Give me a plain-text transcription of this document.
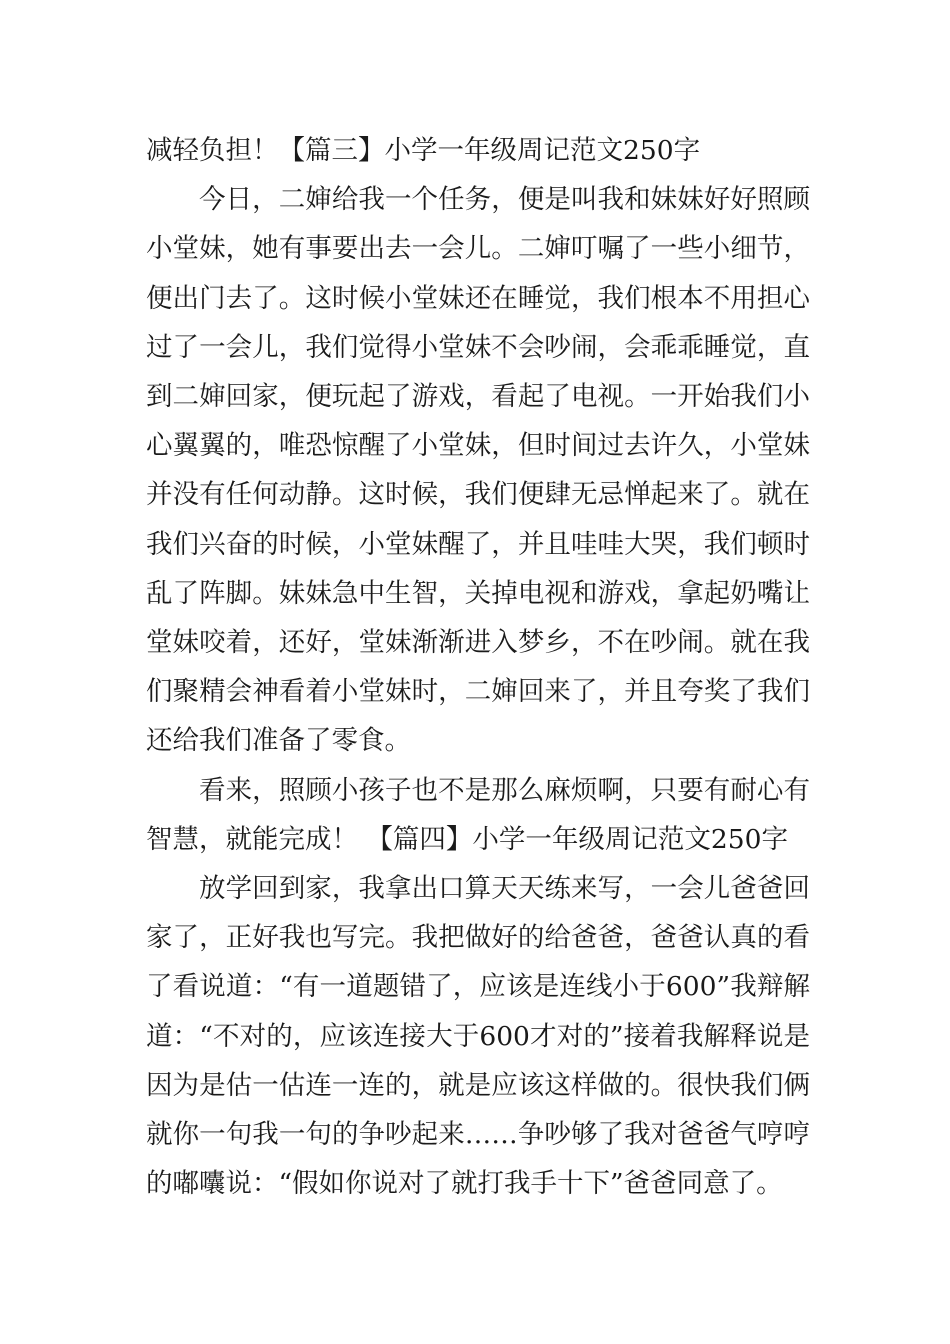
减轻负担！【篇三】小学一年级周记范文250字

今日，二婶给我一个任务，便是叫我和妹妹好好照顾小堂妹，她有事要出去一会儿。二婶叮嘱了一些小细节，便出门去了。这时候小堂妹还在睡觉，我们根本不用担心过了一会儿，我们觉得小堂妹不会吵闹，会乖乖睡觉，直到二婶回家，便玩起了游戏，看起了电视。一开始我们小心翼翼的，唯恐惊醒了小堂妹，但时间过去许久，小堂妹并没有任何动静。这时候，我们便肆无忌惮起来了。就在我们兴奋的时候，小堂妹醒了，并且哇哇大哭，我们顿时乱了阵脚。妹妹急中生智，关掉电视和游戏，拿起奶嘴让堂妹咬着，还好，堂妹渐渐进入梦乡，不在吵闹。就在我们聚精会神看着小堂妹时，二婶回来了，并且夸奖了我们还给我们准备了零食。

看来，照顾小孩子也不是那么麻烦啊，只要有耐心有智慧，就能完成！ 【篇四】小学一年级周记范文250字

放学回到家，我拿出口算天天练来写，一会儿爸爸回家了，正好我也写完。我把做好的给爸爸，爸爸认真的看了看说道：“有一道题错了，应该是连线小于600”我辩解道：“不对的，应该连接大于600才对的”接着我解释说是因为是估一估连一连的，就是应该这样做的。很快我们俩就你一句我一句的争吵起来……争吵够了我对爸爸气哼哼的嘟囔说：“假如你说对了就打我手十下”爸爸同意了。
